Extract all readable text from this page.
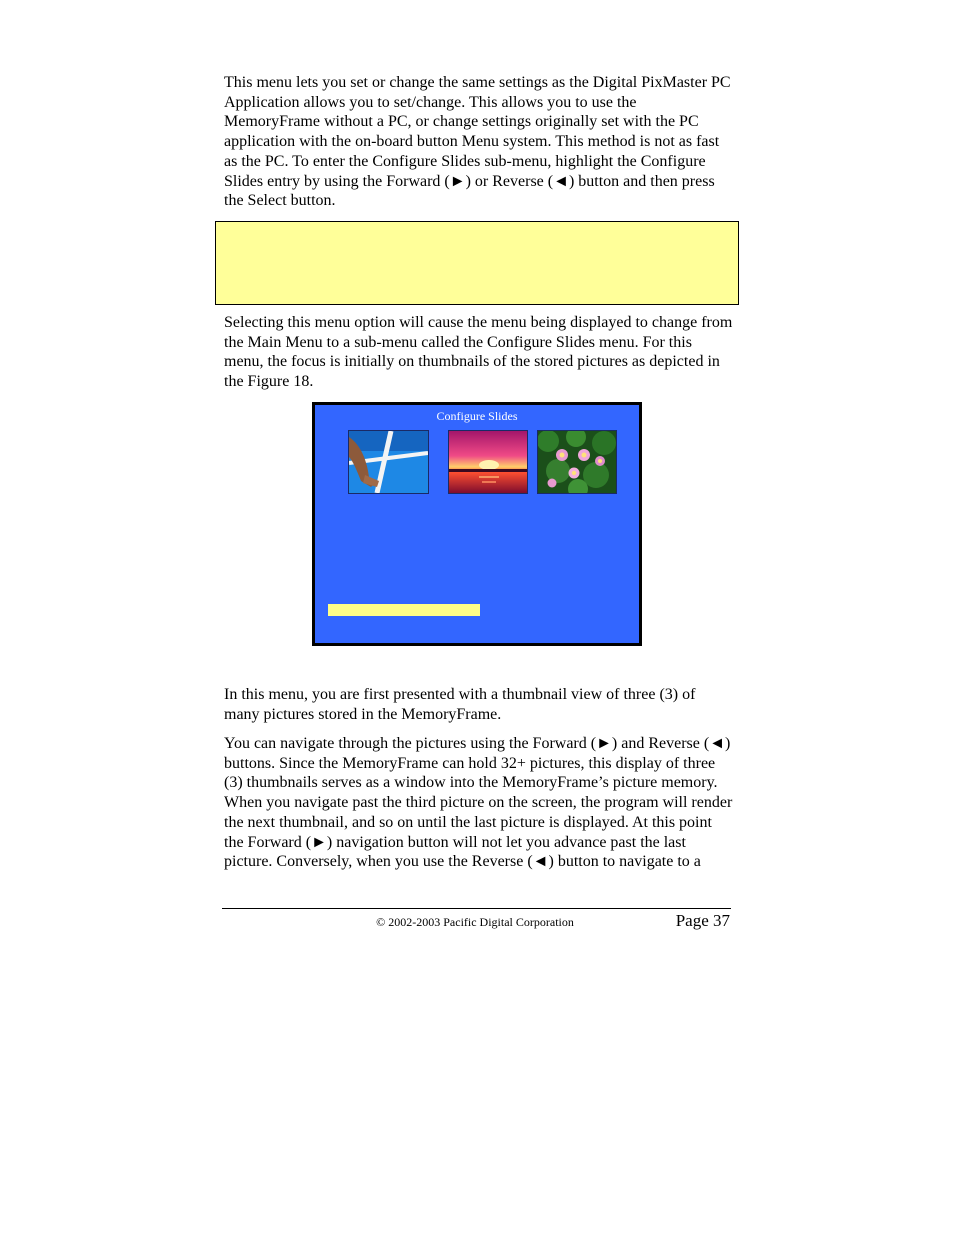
This menu lets you set or change the same settings as the Digital PixMaster PC Application allows you to set/change. This allows you to use the MemoryFrame without a PC, or change settings originally set with the PC application with the on-board button Menu system. This method is not as fast as the PC. To enter the Configure Slides sub-menu, highlight the Configure Slides entry by using the Forward (►) or Reverse (◄) button and then press the Select button.

Selecting this menu option will cause the menu being displayed to change from the Main Menu to a sub-menu called the Configure Slides menu. For this menu, the focus is initially on thumbnails of the stored pictures as depicted in the Figure 18.

Configure Slides

In this menu, you are first presented with a thumbnail view of three (3) of many pictures stored in the MemoryFrame.

You can navigate through the pictures using the Forward (►) and Reverse (◄) buttons. Since the MemoryFrame can hold 32+ pictures, this display of three (3) thumbnails serves as a window into the MemoryFrame’s picture memory. When you navigate past the third picture on the screen, the program will render the next thumbnail, and so on until the last picture is displayed. At this point the Forward (►) navigation button will not let you advance past the last picture. Conversely, when you use the Reverse (◄) button to navigate to a

© 2002-2003 Pacific Digital Corporation	Page 37
